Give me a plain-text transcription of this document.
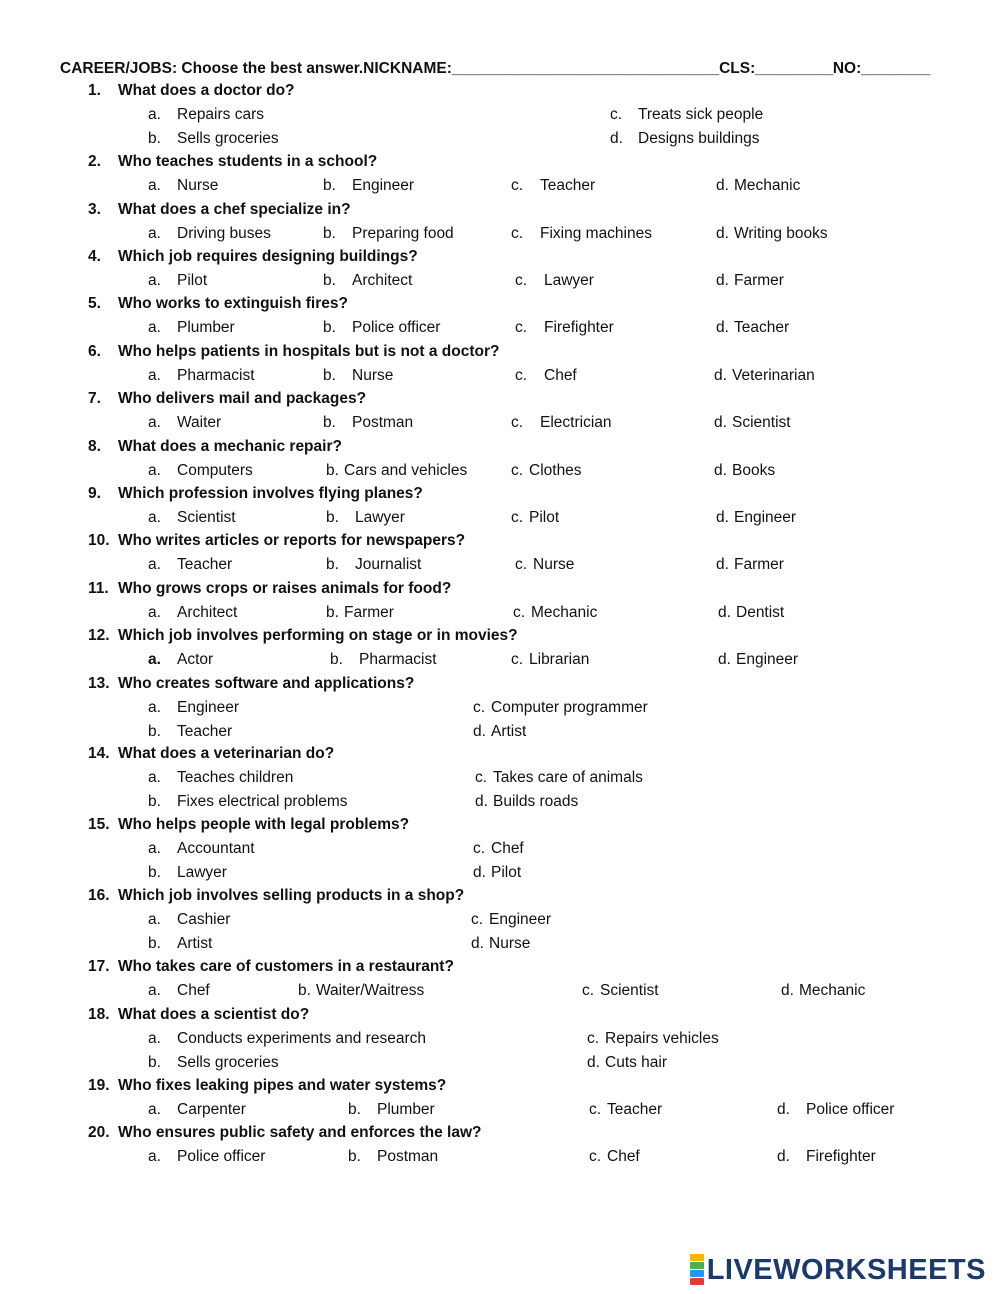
CAREER/JOBS: Choose the best answer.NICKNAME:_______________________________CLS:_________NO:________
1. What does a doctor do?
a. Repairs cars
b. Sells groceries
c. Treats sick people
d. Designs buildings
2. Who teaches students in a school?
a. Nurse	b. Engineer	c. Teacher	d. Mechanic
3. What does a chef specialize in?
a. Driving buses	b. Preparing food	c. Fixing machines	d. Writing books
4. Which job requires designing buildings?
a. Pilot	b. Architect	c. Lawyer	d. Farmer
5. Who works to extinguish fires?
a. Plumber	b. Police officer	c. Firefighter	d. Teacher
6. Who helps patients in hospitals but is not a doctor?
a. Pharmacist	b. Nurse	c. Chef	d. Veterinarian
7. Who delivers mail and packages?
a. Waiter	b. Postman	c. Electrician	d. Scientist
8. What does a mechanic repair?
a. Computers	b. Cars and vehicles	c. Clothes	d. Books
9. Which profession involves flying planes?
a. Scientist	b. Lawyer	c. Pilot	d. Engineer
10. Who writes articles or reports for newspapers?
a. Teacher	b. Journalist	c. Nurse	d. Farmer
11. Who grows crops or raises animals for food?
a. Architect	b. Farmer	c. Mechanic	d. Dentist
12. Which job involves performing on stage or in movies?
a. Actor	b. Pharmacist	c. Librarian	d. Engineer
13. Who creates software and applications?
a. Engineer
b. Teacher
c. Computer programmer
d. Artist
14. What does a veterinarian do?
a. Teaches children
b. Fixes electrical problems
c. Takes care of animals
d. Builds roads
15. Who helps people with legal problems?
a. Accountant
b. Lawyer
c. Chef
d. Pilot
16. Which job involves selling products in a shop?
a. Cashier
b. Artist
c. Engineer
d. Nurse
17. Who takes care of customers in a restaurant?
a. Chef	b. Waiter/Waitress	c. Scientist	d. Mechanic
18. What does a scientist do?
a. Conducts experiments and research
b. Sells groceries
c. Repairs vehicles
d. Cuts hair
19. Who fixes leaking pipes and water systems?
a. Carpenter	b. Plumber	c. Teacher	d. Police officer
20. Who ensures public safety and enforces the law?
a. Police officer	b. Postman	c. Chef	d. Firefighter
LIVEWORKSHEETS
